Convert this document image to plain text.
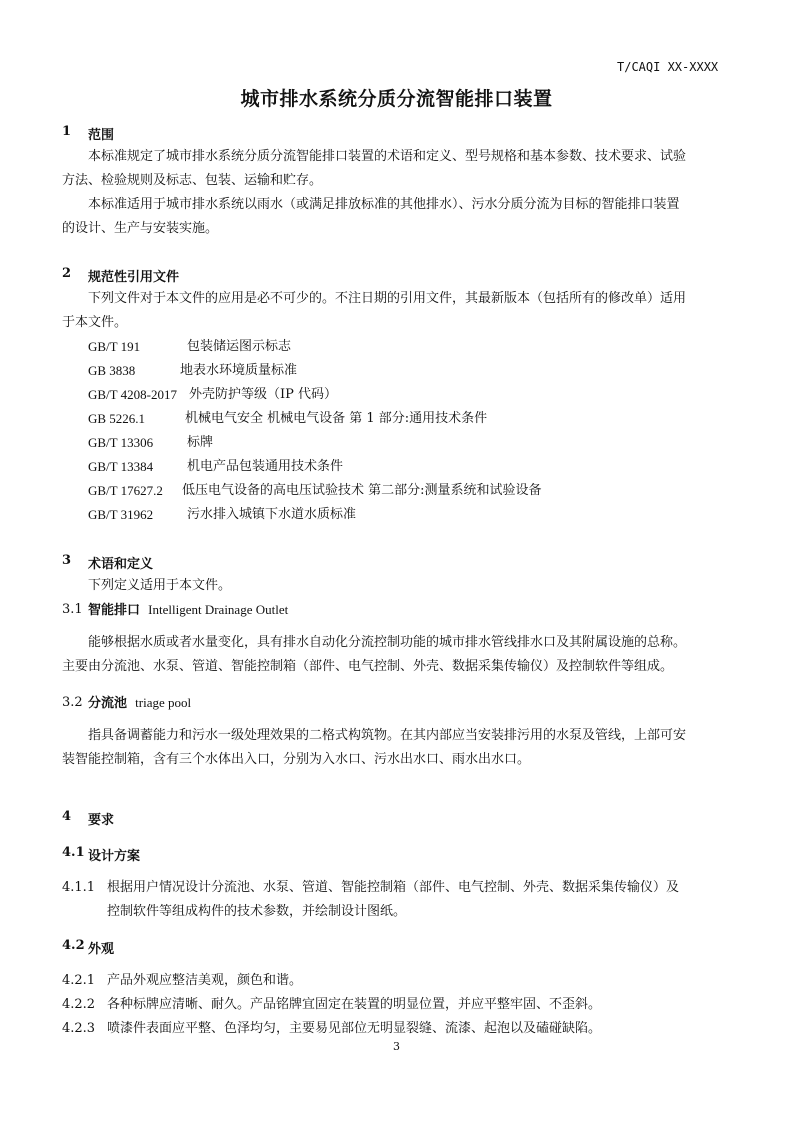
T/CAQI XX-XXXX
城市排水系统分质分流智能排口装置
1 范围
本标准规定了城市排水系统分质分流智能排口装置的术语和定义、型号规格和基本参数、技术要求、试验
方法、检验规则及标志、包装、运输和贮存。
本标准适用于城市排水系统以雨水（或满足排放标准的其他排水）、污水分质分流为目标的智能排口装置
的设计、生产与安装实施。
2 规范性引用文件
下列文件对于本文件的应用是必不可少的。不注日期的引用文件，其最新版本（包括所有的修改单）适用
于本文件。
GB/T 191	包装储运图示标志
GB 3838	地表水环境质量标准
GB/T 4208-2017 外壳防护等级（IP 代码）
GB 5226.1	机械电气安全 机械电气设备 第 1 部分:通用技术条件
GB/T 13306	标牌
GB/T 13384	机电产品包装通用技术条件
GB/T 17627.2	低压电气设备的高电压试验技术 第二部分:测量系统和试验设备
GB/T 31962	污水排入城镇下水道水质标准
3 术语和定义
下列定义适用于本文件。
3.1 智能排口 Intelligent Drainage Outlet
能够根据水质或者水量变化，具有排水自动化分流控制功能的城市排水管线排水口及其附属设施的总称。
主要由分流池、水泵、管道、智能控制箱（部件、电气控制、外壳、数据采集传输仪）及控制软件等组成。
3.2 分流池 triage pool
指具备调蓄能力和污水一级处理效果的二格式构筑物。在其内部应当安装排污用的水泵及管线，上部可安
装智能控制箱，含有三个水体出入口，分别为入水口、污水出水口、雨水出水口。
4 要求
4.1 设计方案
4.1.1 根据用户情况设计分流池、水泵、管道、智能控制箱（部件、电气控制、外壳、数据采集传输仪）及
控制软件等组成构件的技术参数，并绘制设计图纸。
4.2 外观
4.2.1 产品外观应整洁美观，颜色和谐。
4.2.2 各种标牌应清晰、耐久。产品铭牌宜固定在装置的明显位置，并应平整牢固、不歪斜。
4.2.3 喷漆件表面应平整、色泽均匀，主要易见部位无明显裂缝、流漆、起泡以及磕碰缺陷。
3
